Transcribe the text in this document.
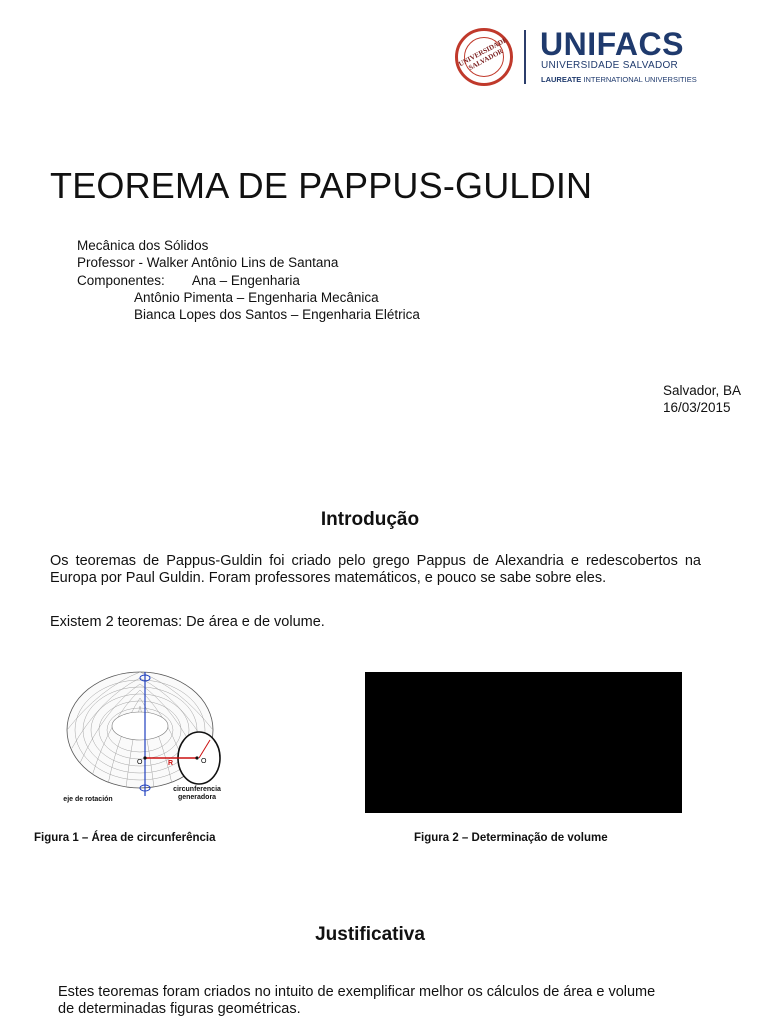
UNIVERSIDADE SALVADOR UNIFACS
UNIVERSIDADE SALVADOR
LAUREATE INTERNATIONAL UNIVERSITIES
TEOREMA DE PAPPUS-GULDIN
Mecânica dos Sólidos
Professor - Walker Antônio Lins de Santana
Componentes: Ana – Engenharia
Antônio Pimenta – Engenharia Mecânica
Bianca Lopes dos Santos – Engenharia Elétrica
Salvador, BA
16/03/2015
Introdução
Os teoremas de Pappus-Guldin foi criado pelo grego Pappus de Alexandria e redescobertos na Europa por Paul Guldin. Foram professores matemáticos, e pouco se sabe sobre eles.
Existem 2 teoremas: De área e de volume.
O	R	O
eje de rotación
circunferencia generadora
Figura 1 – Área de circunferência	Figura 2 – Determinação de volume
Justificativa
Estes teoremas foram criados no intuito de exemplificar melhor os cálculos de área e volume de determinadas figuras geométricas.
